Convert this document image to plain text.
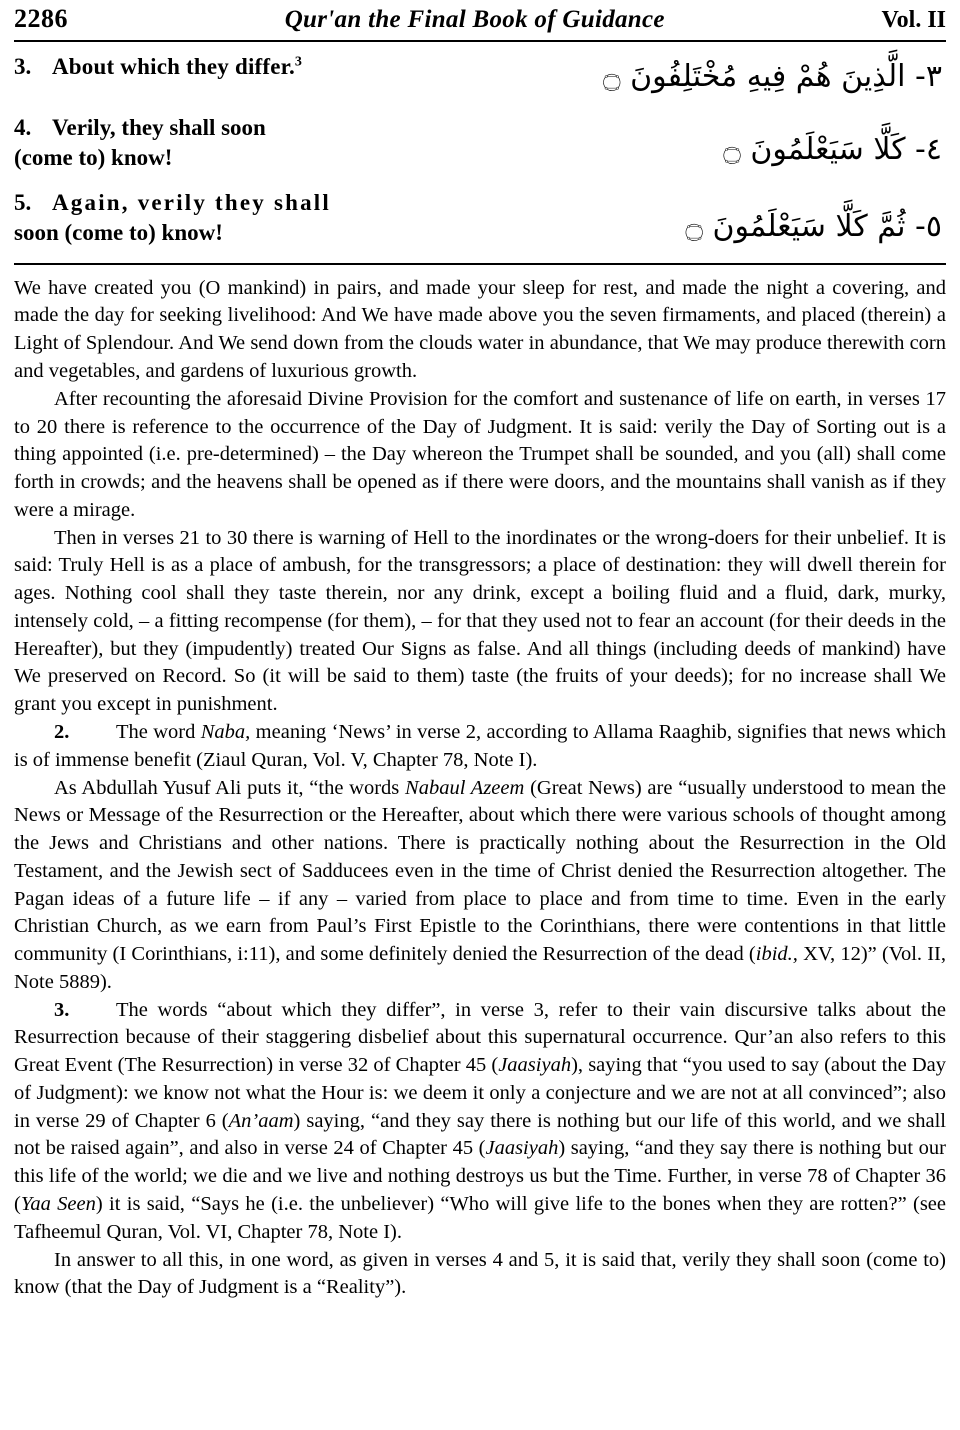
2286	Qur'an the Final Book of Guidance	Vol. II
3. About which they differ.$^3$	٣- الَّذِينَ هُمْ فِيهِ مُخْتَلِفُونَ ۝
4. Verily, they shall soon
(come to) know!	٤- كَلَّا سَيَعْلَمُونَ ۝
5. Again, verily they shall
soon (come to) know!	٥- ثُمَّ كَلَّا سَيَعْلَمُونَ ۝

We have created you (O mankind) in pairs, and made your sleep for rest, and made the night a covering, and made the day for seeking livelihood: And We have made above you the seven firmaments, and placed (therein) a Light of Splendour. And We send down from the clouds water in abundance, that We may produce therewith corn and vegetables, and gardens of luxurious growth.

After recounting the aforesaid Divine Provision for the comfort and sustenance of life on earth, in verses 17 to 20 there is reference to the occurrence of the Day of Judgment. It is said: verily the Day of Sorting out is a thing appointed (i.e. pre-determined) – the Day whereon the Trumpet shall be sounded, and you (all) shall come forth in crowds; and the heavens shall be opened as if there were doors, and the mountains shall vanish as if they were a mirage.

Then in verses 21 to 30 there is warning of Hell to the inordinates or the wrong-doers for their unbelief. It is said: Truly Hell is as a place of ambush, for the transgressors; a place of destination: they will dwell therein for ages. Nothing cool shall they taste therein, nor any drink, except a boiling fluid and a fluid, dark, murky, intensely cold, – a fitting recompense (for them), – for that they used not to fear an account (for their deeds in the Hereafter), but they (impudently) treated Our Signs as false. And all things (including deeds of mankind) have We preserved on Record. So (it will be said to them) taste (the fruits of your deeds); for no increase shall We grant you except in punishment.

2. The word Naba, meaning ‘News’ in verse 2, according to Allama Raaghib, signifies that news which is of immense benefit (Ziaul Quran, Vol. V, Chapter 78, Note I).

As Abdullah Yusuf Ali puts it, “the words Nabaul Azeem (Great News) are “usually understood to mean the News or Message of the Resurrection or the Hereafter, about which there were various schools of thought among the Jews and Christians and other nations. There is practically nothing about the Resurrection in the Old Testament, and the Jewish sect of Sadducees even in the time of Christ denied the Resurrection altogether. The Pagan ideas of a future life – if any – varied from place to place and from time to time. Even in the early Christian Church, as we earn from Paul’s First Epistle to the Corinthians, there were contentions in that little community (I Corinthians, i:11), and some definitely denied the Resurrection of the dead (ibid., XV, 12)” (Vol. II, Note 5889).

3. The words “about which they differ”, in verse 3, refer to their vain discursive talks about the Resurrection because of their staggering disbelief about this supernatural occurrence. Qur’an also refers to this Great Event (The Resurrection) in verse 32 of Chapter 45 (Jaasiyah), saying that “you used to say (about the Day of Judgment): we know not what the Hour is: we deem it only a conjecture and we are not at all convinced”; also in verse 29 of Chapter 6 (An’aam) saying, “and they say there is nothing but our life of this world, and we shall not be raised again”, and also in verse 24 of Chapter 45 (Jaasiyah) saying, “and they say there is nothing but our this life of the world; we die and we live and nothing destroys us but the Time. Further, in verse 78 of Chapter 36 (Yaa Seen) it is said, “Says he (i.e. the unbeliever) “Who will give life to the bones when they are rotten?” (see Tafheemul Quran, Vol. VI, Chapter 78, Note I).

In answer to all this, in one word, as given in verses 4 and 5, it is said that, verily they shall soon (come to) know (that the Day of Judgment is a “Reality”).
